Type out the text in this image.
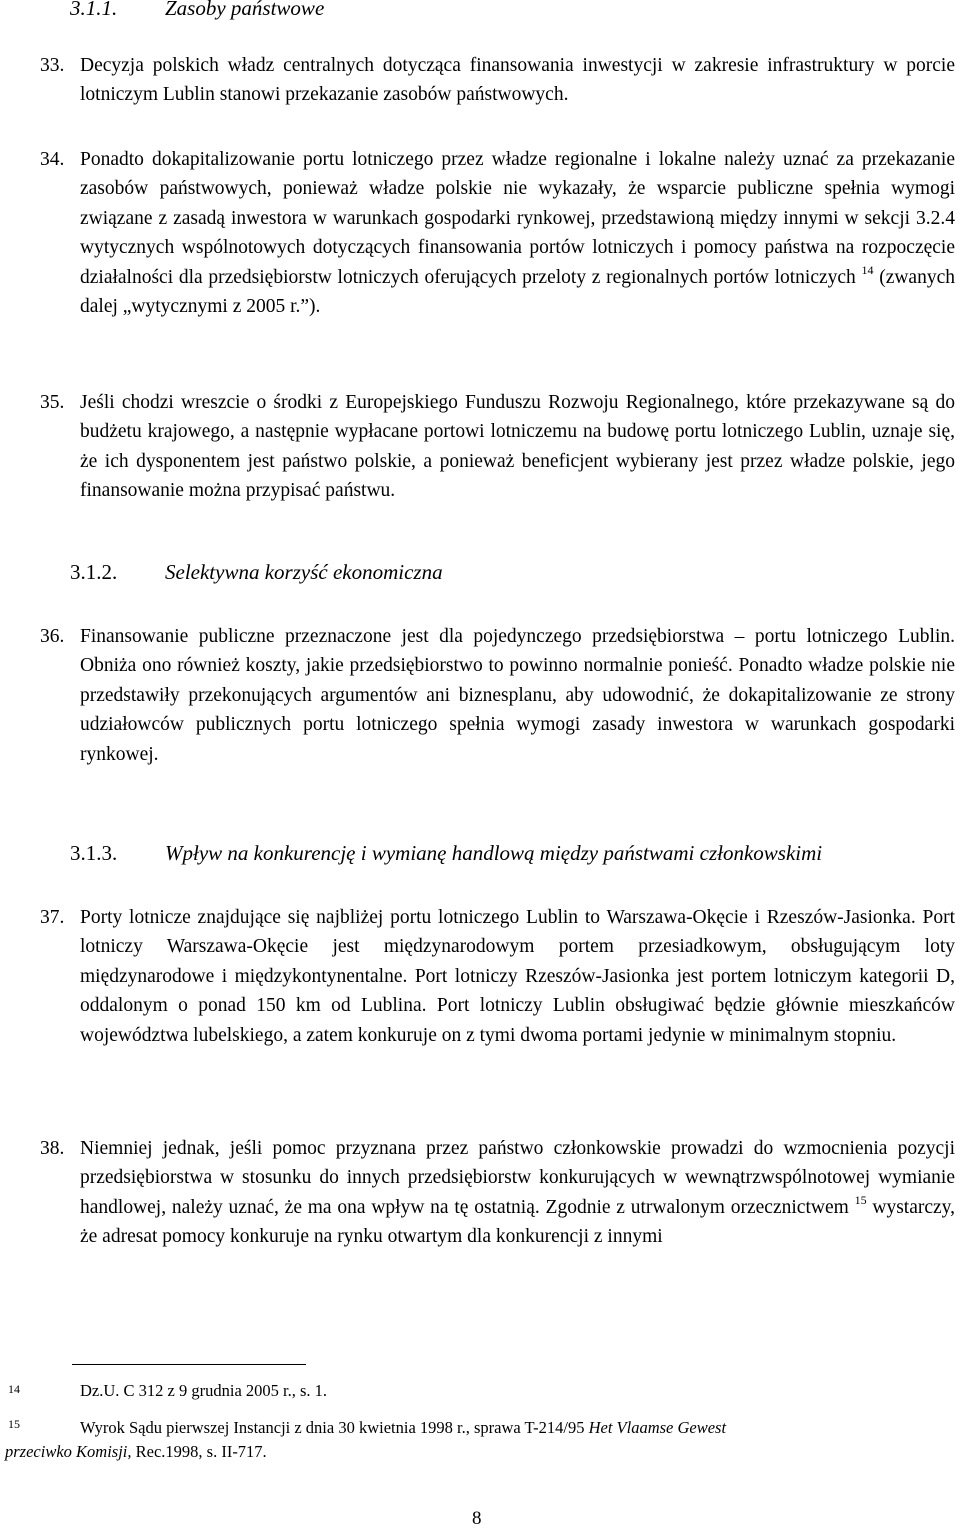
3.1.1. Zasoby państwowe
33. Decyzja polskich władz centralnych dotycząca finansowania inwestycji w zakresie infrastruktury w porcie lotniczym Lublin stanowi przekazanie zasobów państwowych.
34. Ponadto dokapitalizowanie portu lotniczego przez władze regionalne i lokalne należy uznać za przekazanie zasobów państwowych, ponieważ władze polskie nie wykazały, że wsparcie publiczne spełnia wymogi związane z zasadą inwestora w warunkach gospodarki rynkowej, przedstawioną między innymi w sekcji 3.2.4 wytycznych wspólnotowych dotyczących finansowania portów lotniczych i pomocy państwa na rozpoczęcie działalności dla przedsiębiorstw lotniczych oferujących przeloty z regionalnych portów lotniczych $^{14}$ (zwanych dalej „wytycznymi z 2005 r.”).
35. Jeśli chodzi wreszcie o środki z Europejskiego Funduszu Rozwoju Regionalnego, które przekazywane są do budżetu krajowego, a następnie wypłacane portowi lotniczemu na budowę portu lotniczego Lublin, uznaje się, że ich dysponentem jest państwo polskie, a ponieważ beneficjent wybierany jest przez władze polskie, jego finansowanie można przypisać państwu.
3.1.2. Selektywna korzyść ekonomiczna
36. Finansowanie publiczne przeznaczone jest dla pojedynczego przedsiębiorstwa – portu lotniczego Lublin. Obniża ono również koszty, jakie przedsiębiorstwo to powinno normalnie ponieść. Ponadto władze polskie nie przedstawiły przekonujących argumentów ani biznesplanu, aby udowodnić, że dokapitalizowanie ze strony udziałowców publicznych portu lotniczego spełnia wymogi zasady inwestora w warunkach gospodarki rynkowej.
3.1.3. Wpływ na konkurencję i wymianę handlową między państwami członkowskimi
37. Porty lotnicze znajdujące się najbliżej portu lotniczego Lublin to Warszawa-Okęcie i Rzeszów-Jasionka. Port lotniczy Warszawa-Okęcie jest międzynarodowym portem przesiadkowym, obsługującym loty międzynarodowe i międzykontynentalne. Port lotniczy Rzeszów-Jasionka jest portem lotniczym kategorii D, oddalonym o ponad 150 km od Lublina. Port lotniczy Lublin obsługiwać będzie głównie mieszkańców województwa lubelskiego, a zatem konkuruje on z tymi dwoma portami jedynie w minimalnym stopniu.
38. Niemniej jednak, jeśli pomoc przyznana przez państwo członkowskie prowadzi do wzmocnienia pozycji przedsiębiorstwa w stosunku do innych przedsiębiorstw konkurujących w wewnątrzwspólnotowej wymianie handlowej, należy uznać, że ma ona wpływ na tę ostatnią. Zgodnie z utrwalonym orzecznictwem $^{15}$ wystarczy, że adresat pomocy konkuruje na rynku otwartym dla konkurencji z innymi
14	Dz.U. C 312 z 9 grudnia 2005 r., s. 1.
15	Wyrok Sądu pierwszej Instancji z dnia 30 kwietnia 1998 r., sprawa T-214/95 Het Vlaamse Gewest
przeciwko Komisji, Rec.1998, s. II-717.
8
